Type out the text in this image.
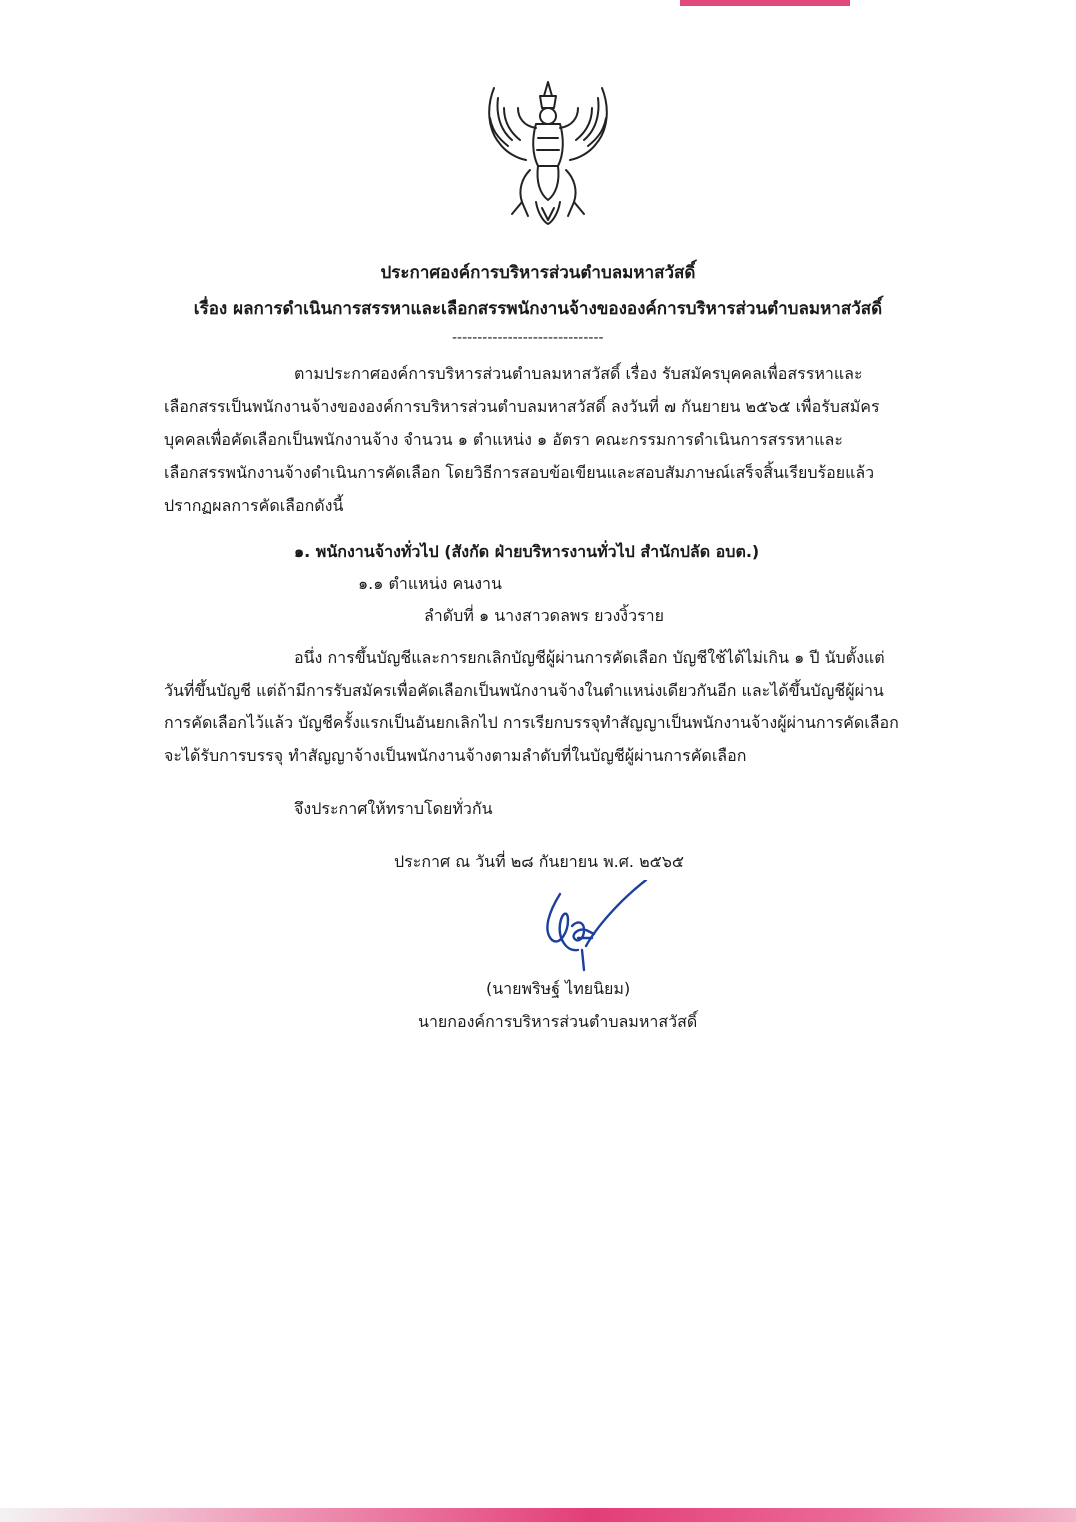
ประกาศองค์การบริหารส่วนตำบลมหาสวัสดิ์
เรื่อง ผลการดำเนินการสรรหาและเลือกสรรพนักงานจ้างขององค์การบริหารส่วนตำบลมหาสวัสดิ์
------------------------------
ตามประกาศองค์การบริหารส่วนตำบลมหาสวัสดิ์ เรื่อง รับสมัครบุคคลเพื่อสรรหาและ
เลือกสรรเป็นพนักงานจ้างขององค์การบริหารส่วนตำบลมหาสวัสดิ์ ลงวันที่ ๗ กันยายน ๒๕๖๕ เพื่อรับสมัคร
บุคคลเพื่อคัดเลือกเป็นพนักงานจ้าง จำนวน ๑ ตำแหน่ง ๑ อัตรา คณะกรรมการดำเนินการสรรหาและ
เลือกสรรพนักงานจ้างดำเนินการคัดเลือก โดยวิธีการสอบข้อเขียนและสอบสัมภาษณ์เสร็จสิ้นเรียบร้อยแล้ว
ปรากฏผลการคัดเลือกดังนี้
๑. พนักงานจ้างทั่วไป (สังกัด ฝ่ายบริหารงานทั่วไป สำนักปลัด อบต.)
๑.๑ ตำแหน่ง คนงาน
ลำดับที่ ๑ นางสาวดลพร ยวงงิ้วราย
อนึ่ง การขึ้นบัญชีและการยกเลิกบัญชีผู้ผ่านการคัดเลือก บัญชีใช้ได้ไม่เกิน ๑ ปี นับตั้งแต่
วันที่ขึ้นบัญชี แต่ถ้ามีการรับสมัครเพื่อคัดเลือกเป็นพนักงานจ้างในตำแหน่งเดียวกันอีก และได้ขึ้นบัญชีผู้ผ่าน
การคัดเลือกไว้แล้ว บัญชีครั้งแรกเป็นอันยกเลิกไป การเรียกบรรจุทำสัญญาเป็นพนักงานจ้างผู้ผ่านการคัดเลือก
จะได้รับการบรรจุ ทำสัญญาจ้างเป็นพนักงานจ้างตามลำดับที่ในบัญชีผู้ผ่านการคัดเลือก
จึงประกาศให้ทราบโดยทั่วกัน
ประกาศ ณ วันที่ ๒๘ กันยายน พ.ศ. ๒๕๖๕
(นายพริษฐ์ ไทยนิยม)
นายกองค์การบริหารส่วนตำบลมหาสวัสดิ์
